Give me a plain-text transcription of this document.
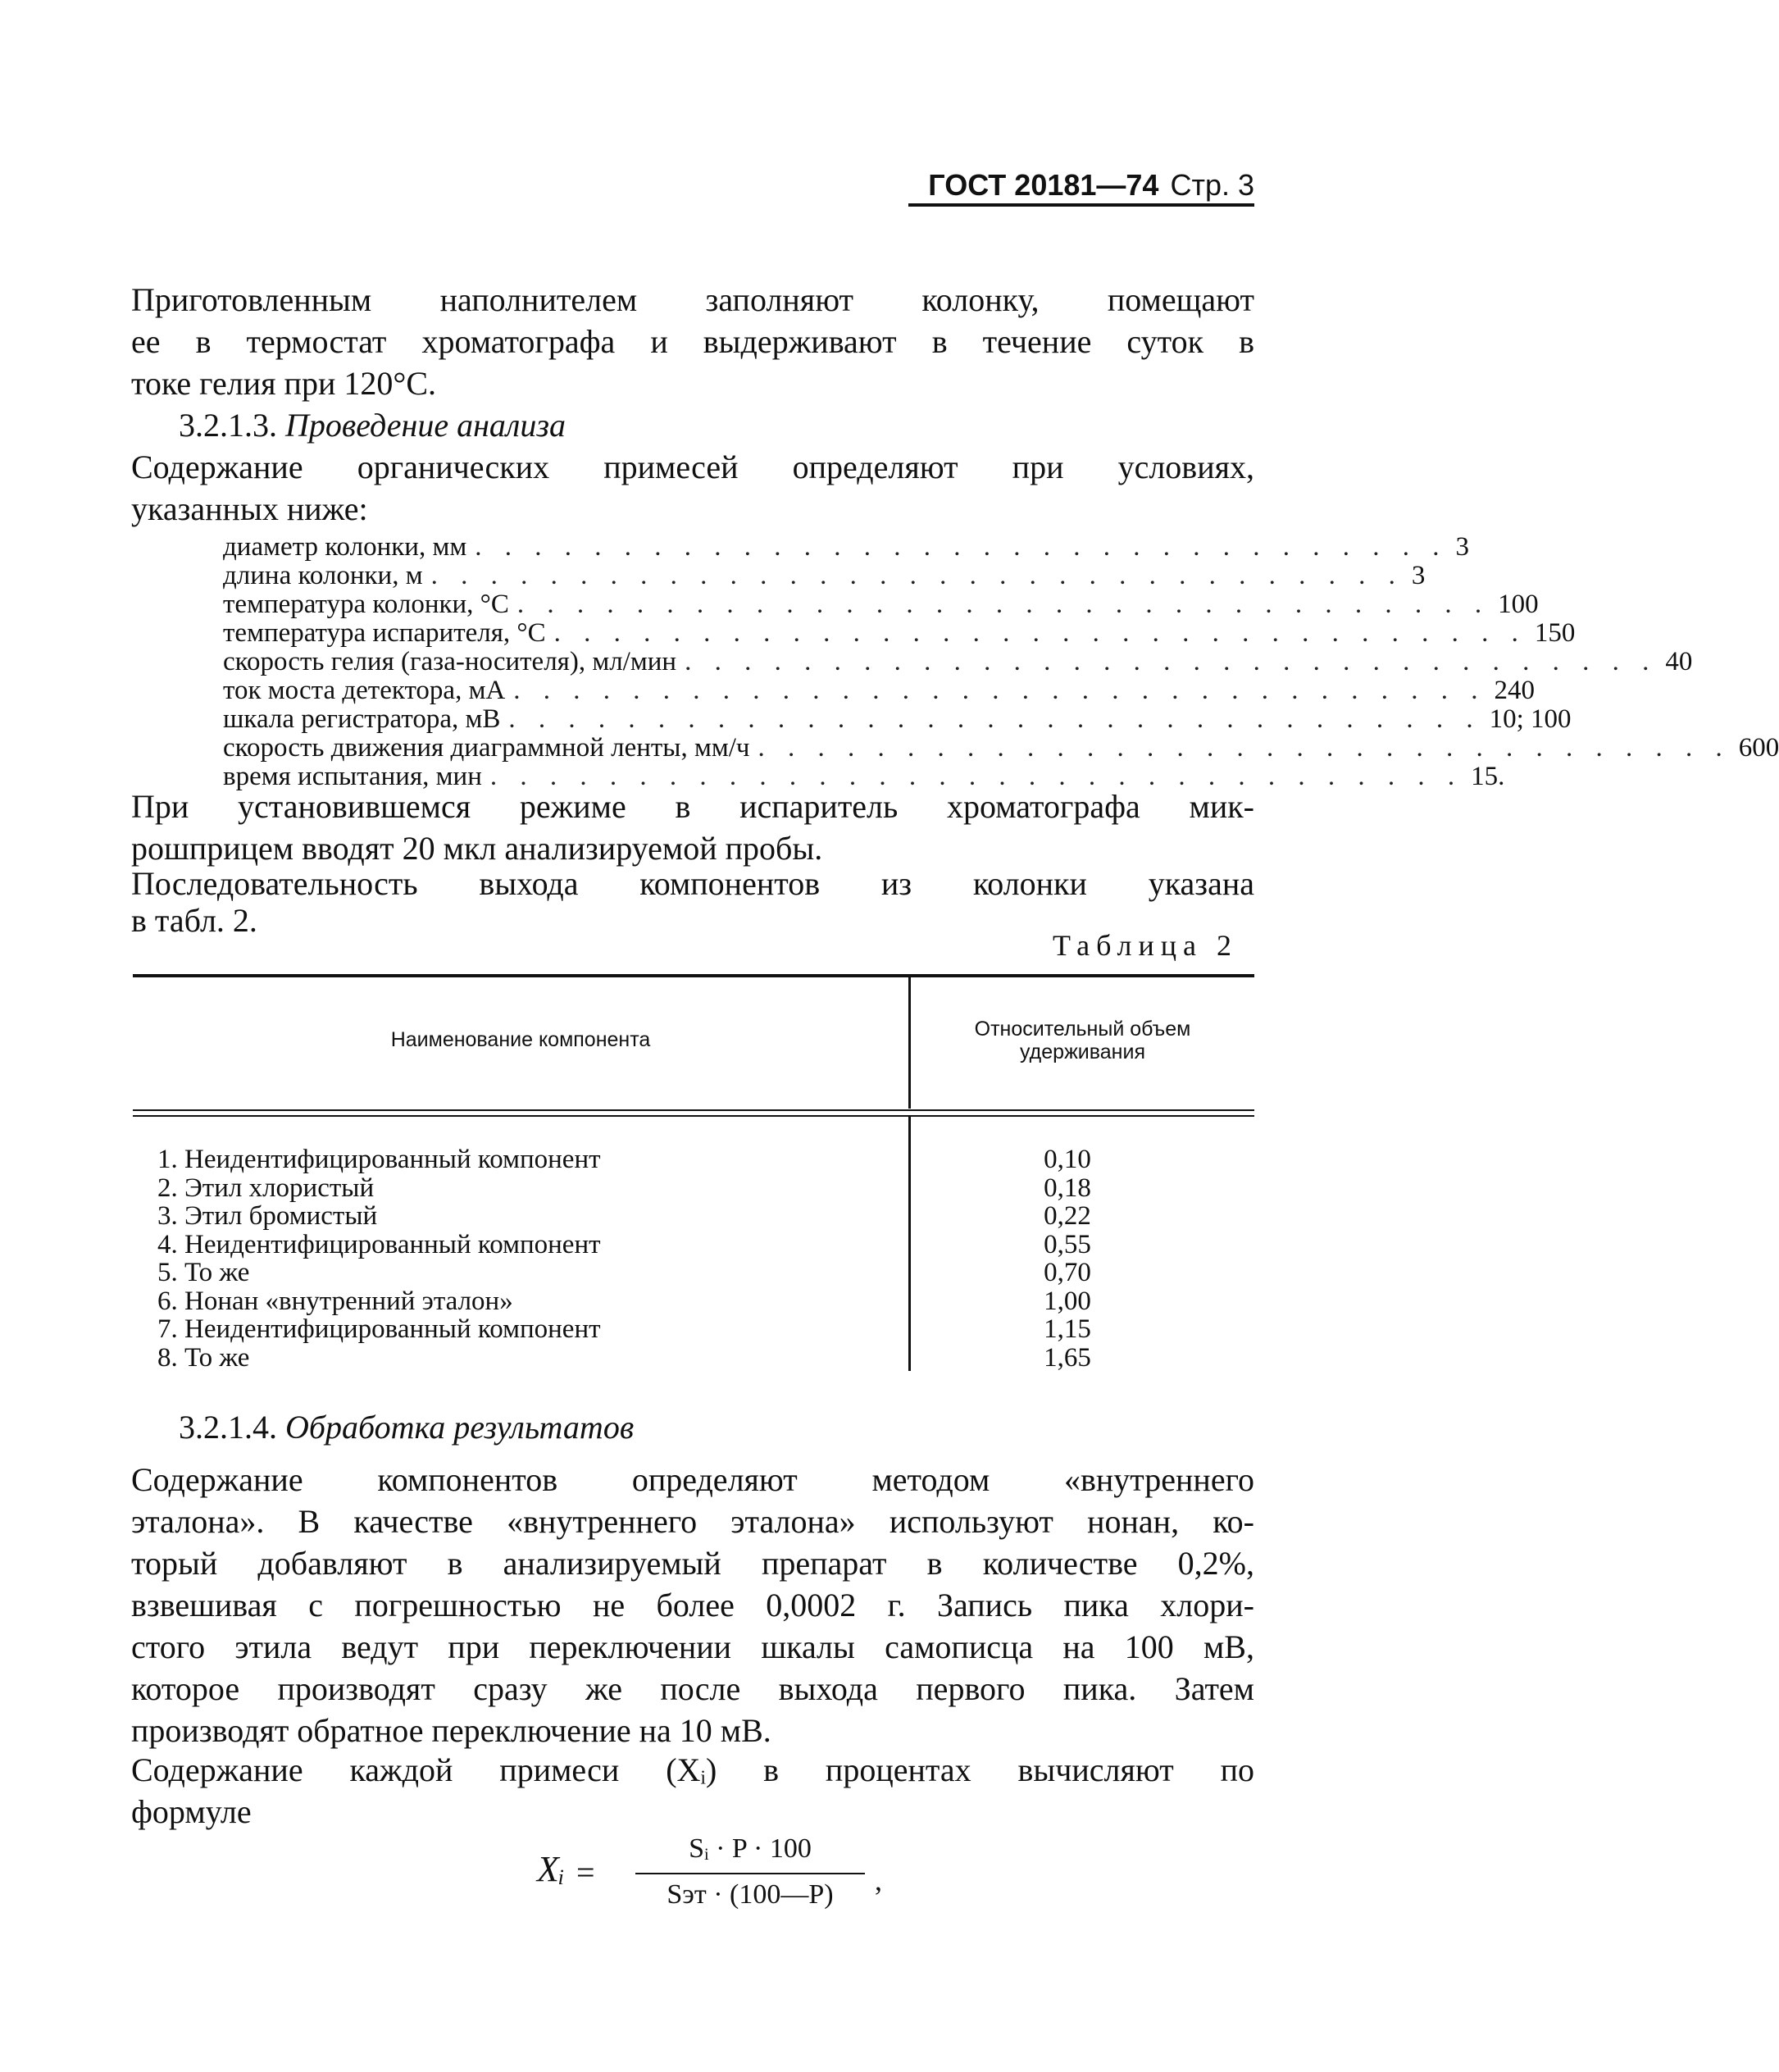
ГОСТ 20181—74 Стр. 3

Приготовленным наполнителем заполняют колонку, помещают

ее в термостат хроматографа и выдерживают в течение суток в

токе гелия при 120°С.

3.2.1.3. Проведение анализа

Содержание органических примесей определяют при условиях,

указанных ниже:

диаметр колонки, мм . . . . . . . . . . . . . . . . . . . . . . . . . . . . . . . . . 3
длина колонки, м . . . . . . . . . . . . . . . . . . . . . . . . . . . . . . . . . 3
температура колонки, °С . . . . . . . . . . . . . . . . . . . . . . . . . . . . . . . . . 100
температура испарителя, °С . . . . . . . . . . . . . . . . . . . . . . . . . . . . . . . . . 150
скорость гелия (газа-носителя), мл/мин . . . . . . . . . . . . . . . . . . . . . . . . . . . . . . . . . 40
ток моста детектора, мА . . . . . . . . . . . . . . . . . . . . . . . . . . . . . . . . . 240
шкала регистратора, мВ . . . . . . . . . . . . . . . . . . . . . . . . . . . . . . . . . 10; 100
скорость движения диаграммной ленты, мм/ч . . . . . . . . . . . . . . . . . . . . . . . . . . . . . . . . . 600
время испытания, мин . . . . . . . . . . . . . . . . . . . . . . . . . . . . . . . . . 15.

При установившемся режиме в испаритель хроматографа мик-

рошприцем вводят 20 мкл анализируемой пробы.

Последовательность выхода компонентов из колонки указана

в табл. 2.

Таблица 2
Наименование компонента	Относительный объем
удерживания
1. Неидентифицированный компонент	0,10
2. Этил хлористый	0,18
3. Этил бромистый	0,22
4. Неидентифицированный компонент	0,55
5. То же	0,70
6. Нонан «внутренний эталон»	1,00
7. Неидентифицированный компонент	1,15
8. То же	1,65

3.2.1.4. Обработка результатов

Содержание компонентов определяют методом «внутреннего

эталона». В качестве «внутреннего эталона» используют нонан, ко-

торый добавляют в анализируемый препарат в количестве 0,2%,

взвешивая с погрешностью не более 0,0002 г. Запись пика хлори-

стого этила ведут при переключении шкалы самописца на 100 мВ,

которое производят сразу же после выхода первого пика. Затем

производят обратное переключение на 10 мВ.

Содержание каждой примеси (Xᵢ) в процентах вычисляют по

формуле

Xᵢ =
Sᵢ · P · 100
Sэт · (100—P)	,
